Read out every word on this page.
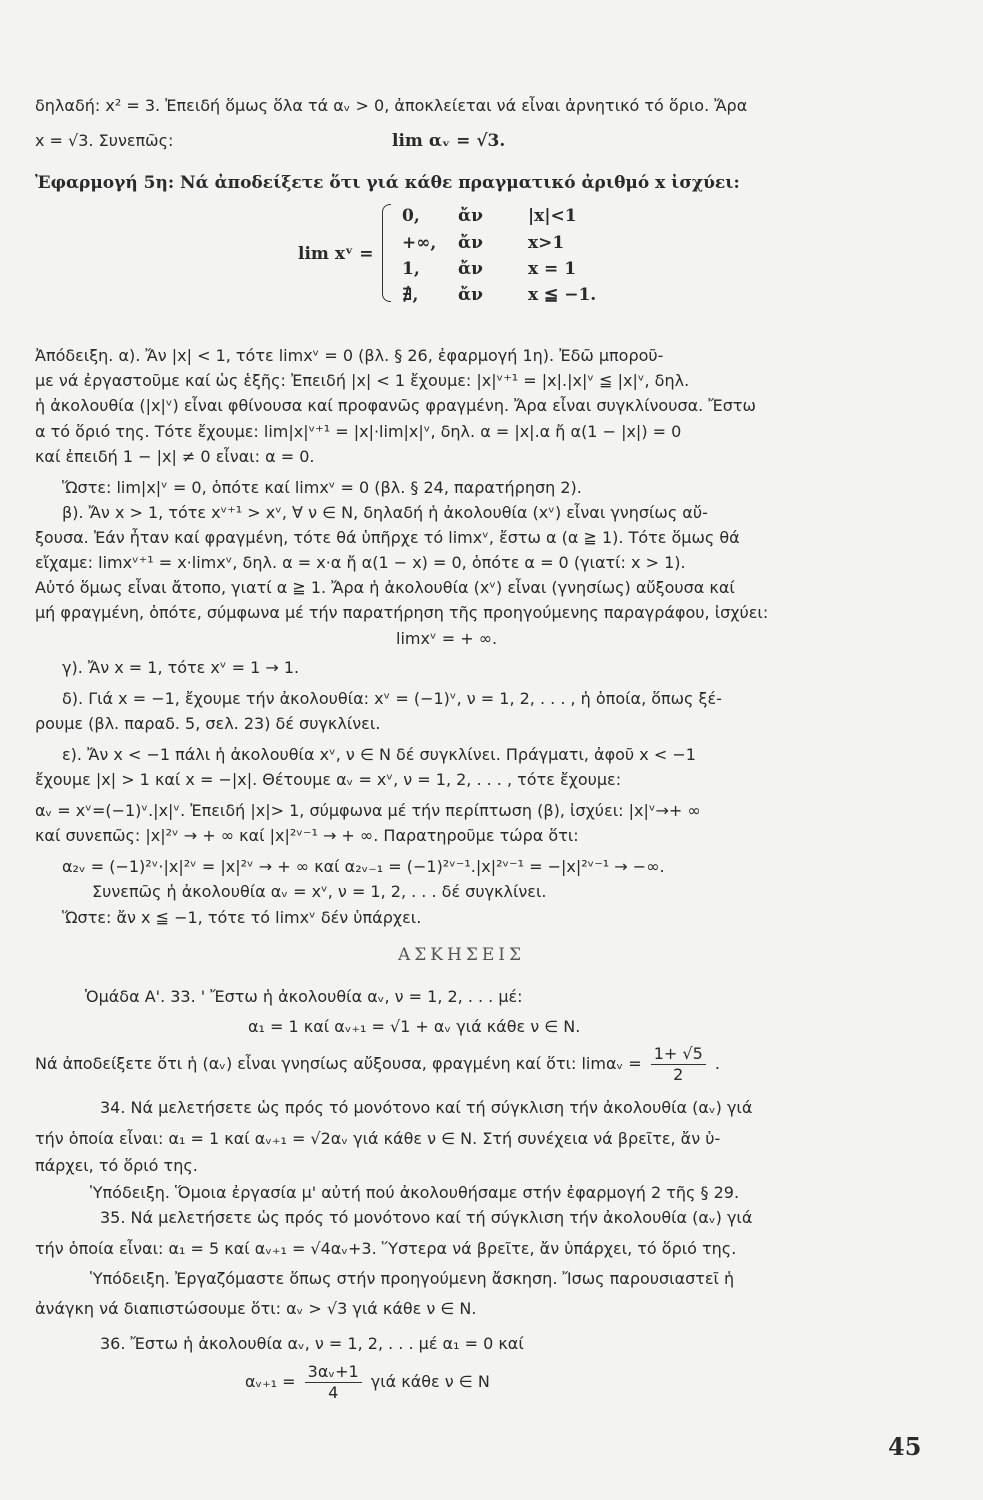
δηλαδή: x² = 3. Ἐπειδή ὅμως ὅλα τά αᵥ > 0, ἀποκλείεται νά εἶναι ἀρνητικό τό ὅριο. Ἄρα
x = √3. Συνεπῶς:
Ἐφαρμογή 5η: Νά ἀποδείξετε ὅτι γιά κάθε πραγματικό ἀριθμό x ἰσχύει:
Ἀπόδειξη. α). Ἄν |x| < 1, τότε limxᵛ = 0 (βλ. § 26, ἐφαρμογή 1η). Ἐδῶ μποροῦ-
με νά ἐργαστοῦμε καί ὡς ἑξῆς: Ἐπειδή |x| < 1 ἔχουμε: |x|ᵛ⁺¹ = |x|.|x|ᵛ ≦ |x|ᵛ, δηλ.
ἡ ἀκολουθία (|x|ᵛ) εἶναι φθίνουσα καί προφανῶς φραγμένη. Ἄρα εἶναι συγκλίνουσα. Ἔστω
α τό ὅριό της. Τότε ἔχουμε: lim|x|ᵛ⁺¹ = |x|·lim|x|ᵛ, δηλ. α = |x|.α ἤ α(1 − |x|) = 0
καί ἐπειδή 1 − |x| ≠ 0 εἶναι: α = 0.
Ὥστε: lim|x|ᵛ = 0, ὁπότε καί limxᵛ = 0 (βλ. § 24, παρατήρηση 2).
β). Ἄν x > 1, τότε xᵛ⁺¹ > xᵛ, ∀ ν ∈ N, δηλαδή ἡ ἀκολουθία (xᵛ) εἶναι γνησίως αὔ-
ξουσα. Ἐάν ἦταν καί φραγμένη, τότε θά ὑπῆρχε τό limxᵛ, ἔστω α (α ≧ 1). Τότε ὅμως θά
εἴχαμε: limxᵛ⁺¹ = x·limxᵛ, δηλ. α = x·α ἤ α(1 − x) = 0, ὁπότε α = 0 (γιατί: x > 1).
Αὐτό ὅμως εἶναι ἄτοπο, γιατί α ≧ 1. Ἄρα ἡ ἀκολουθία (xᵛ) εἶναι (γνησίως) αὔξουσα καί
μή φραγμένη, ὁπότε, σύμφωνα μέ τήν παρατήρηση τῆς προηγούμενης παραγράφου, ἰσχύει:
limxᵛ = + ∞.
γ). Ἄν x = 1, τότε xᵛ = 1 → 1.
δ). Γιά x = −1, ἔχουμε τήν ἀκολουθία: xᵛ = (−1)ᵛ, ν = 1, 2, . . . , ἡ ὁποία, ὅπως ξέ-
ρουμε (βλ. παραδ. 5, σελ. 23) δέ συγκλίνει.
ε). Ἄν x < −1 πάλι ἡ ἀκολουθία xᵛ, ν ∈ N δέ συγκλίνει. Πράγματι, ἀφοῦ x < −1
ἔχουμε |x| > 1 καί x = −|x|. Θέτουμε αᵥ = xᵛ, ν = 1, 2, . . . , τότε ἔχουμε:
αᵥ = xᵛ=(−1)ᵛ.|x|ᵛ. Ἐπειδή |x|> 1, σύμφωνα μέ τήν περίπτωση (β), ἰσχύει: |x|ᵛ→+ ∞
καί συνεπῶς: |x|²ᵛ → + ∞ καί |x|²ᵛ⁻¹ → + ∞. Παρατηροῦμε τώρα ὅτι:
α₂ᵥ = (−1)²ᵛ·|x|²ᵛ = |x|²ᵛ → + ∞ καί α₂ᵥ₋₁ = (−1)²ᵛ⁻¹.|x|²ᵛ⁻¹ = −|x|²ᵛ⁻¹ → −∞.
Συνεπῶς ἡ ἀκολουθία αᵥ = xᵛ, ν = 1, 2, . . . δέ συγκλίνει.
Ὥστε: ἄν x ≦ −1, τότε τό limxᵛ δέν ὑπάρχει.
Ὁμάδα Α'. 33. ' Ἔστω ἡ ἀκολουθία αᵥ, ν = 1, 2, . . . μέ:
α₁ = 1 καί αᵥ₊₁ = √1 + αᵥ γιά κάθε ν ∈ N.
34. Νά μελετήσετε ὡς πρός τό μονότονο καί τή σύγκλιση τήν ἀκολουθία (αᵥ) γιά
τήν ὁποία εἶναι: α₁ = 1 καί αᵥ₊₁ = √2αᵥ γιά κάθε ν ∈ N. Στή συνέχεια νά βρεῖτε, ἄν ὑ-
πάρχει, τό ὅριό της.
Ὑπόδειξη. Ὅμοια ἐργασία μ' αὐτή πού ἀκολουθήσαμε στήν ἐφαρμογή 2 τῆς § 29.
35. Νά μελετήσετε ὡς πρός τό μονότονο καί τή σύγκλιση τήν ἀκολουθία (αᵥ) γιά
τήν ὁποία εἶναι: α₁ = 5 καί αᵥ₊₁ = √4αᵥ+3. Ὕστερα νά βρεῖτε, ἄν ὑπάρχει, τό ὅριό της.
Ὑπόδειξη. Ἐργαζόμαστε ὅπως στήν προηγούμενη ἄσκηση. Ἴσως παρουσιαστεῖ ἡ
ἀνάγκη νά διαπιστώσουμε ὅτι: αᵥ > √3 γιά κάθε ν ∈ N.
36. Ἔστω ἡ ἀκολουθία αᵥ, ν = 1, 2, . . . μέ α₁ = 0 καί
lim αᵥ = √3.
lim xᵛ =
0, ἄν	|x|<1
+∞, ἄν	x>1
1, ἄν	x = 1
∄, ἄν	x ≦ −1.
ΑΣΚΗΣΕΙΣ
Νά ἀποδείξετε ὅτι ἡ (αᵥ) εἶναι γνησίως αὔξουσα, φραγμένη καί ὅτι: limαᵥ = $\frac{1+ √5}{2}$ .
αᵥ₊₁ = $\frac{\text{3αᵥ+1}}{4}$ γιά κάθε ν ∈ N
45
